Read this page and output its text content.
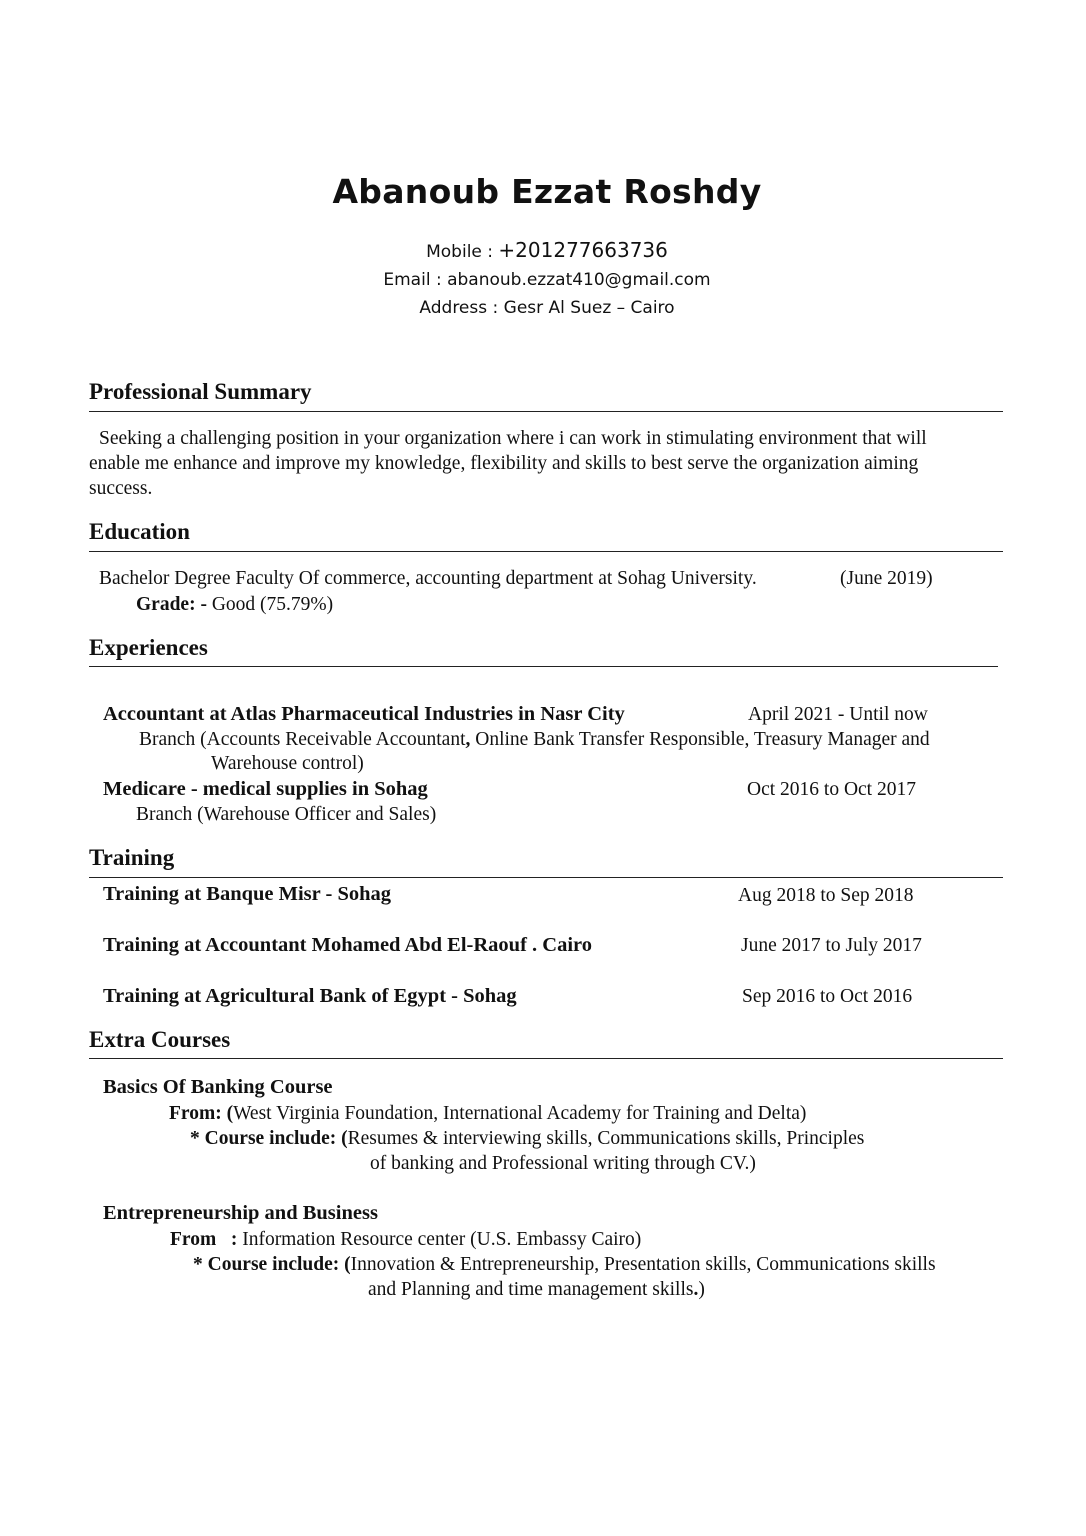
Abanoub Ezzat Roshdy
Mobile : +201277663736
Email : abanoub.ezzat410@gmail.com
Address : Gesr Al Suez – Cairo
Professional Summary
Seeking a challenging position in your organization where i can work in stimulating environment that will
enable me enhance and improve my knowledge, flexibility and skills to best serve the organization aiming
success.
Education
Bachelor Degree Faculty Of commerce, accounting department at Sohag University.	(June 2019)
Grade: - Good (75.79%)
Experiences
Accountant at Atlas Pharmaceutical Industries in Nasr City	April 2021 - Until now
Branch (Accounts Receivable Accountant, Online Bank Transfer Responsible, Treasury Manager and
Warehouse control)
Medicare - medical supplies in Sohag	Oct 2016 to Oct 2017
Branch (Warehouse Officer and Sales)
Training
Training at Banque Misr - Sohag	Aug 2018 to Sep 2018
Training at Accountant Mohamed Abd El-Raouf . Cairo	June 2017 to July 2017
Training at Agricultural Bank of Egypt - Sohag	Sep 2016 to Oct 2016
Extra Courses
Basics Of Banking Course
From: (West Virginia Foundation, International Academy for Training and Delta)
* Course include: (Resumes & interviewing skills, Communications skills, Principles
of banking and Professional writing through CV.)
Entrepreneurship and Business
From   : Information Resource center (U.S. Embassy Cairo)
* Course include: (Innovation & Entrepreneurship, Presentation skills, Communications skills
and Planning and time management skills.)
